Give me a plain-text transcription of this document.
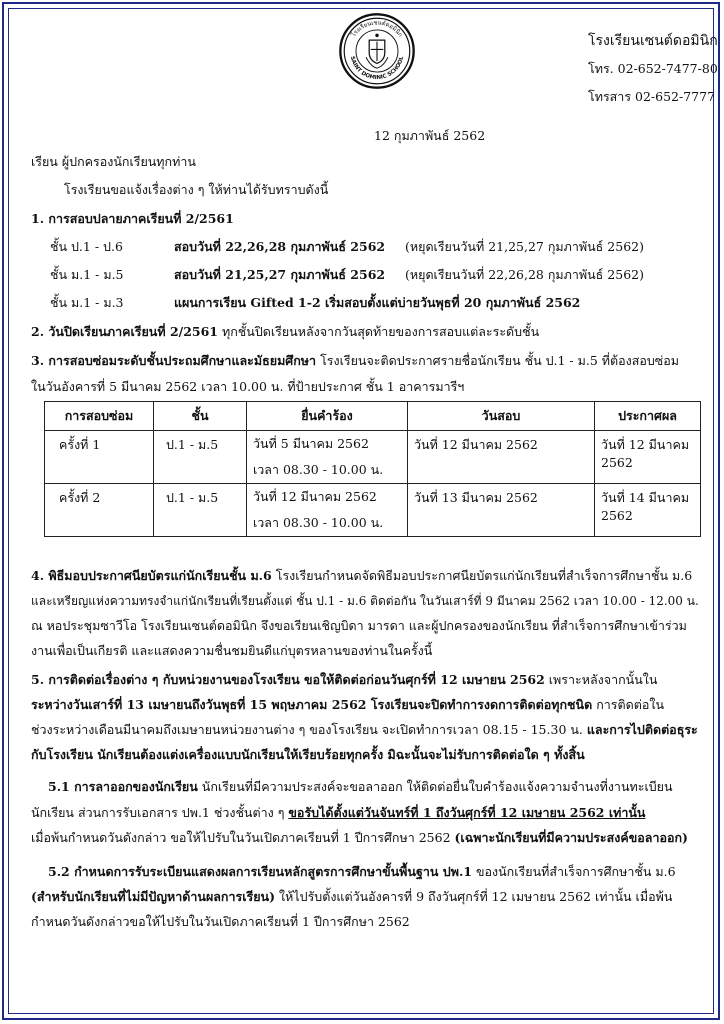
โรงเรียนเซนต์ดอมินิก
SAINT DOMINIC SCHOOL
โรงเรียนเซนต์ดอมินิก
โทร. 02-652-7477-80
โทรสาร 02-652-7777
12 กุมภาพันธ์ 2562
เรียน ผู้ปกครองนักเรียนทุกท่าน
โรงเรียนขอแจ้งเรื่องต่าง ๆ ให้ท่านได้รับทราบดังนี้
1. การสอบปลายภาคเรียนที่ 2/2561
ชั้น ป.1 - ป.6	สอบวันที่ 22,26,28 กุมภาพันธ์ 2562 (หยุดเรียนวันที่ 21,25,27 กุมภาพันธ์ 2562)
ชั้น ม.1 - ม.5	สอบวันที่ 21,25,27 กุมภาพันธ์ 2562 (หยุดเรียนวันที่ 22,26,28 กุมภาพันธ์ 2562)
ชั้น ม.1 - ม.3	แผนการเรียน Gifted 1-2 เริ่มสอบตั้งแต่บ่ายวันพุธที่ 20 กุมภาพันธ์ 2562
2. วันปิดเรียนภาคเรียนที่ 2/2561 ทุกชั้นปิดเรียนหลังจากวันสุดท้ายของการสอบแต่ละระดับชั้น
3. การสอบซ่อมระดับชั้นประถมศึกษาและมัธยมศึกษา โรงเรียนจะติดประกาศรายชื่อนักเรียน ชั้น ป.1 - ม.5 ที่ต้องสอบซ่อม
ในวันอังคารที่ 5 มีนาคม 2562 เวลา 10.00 น. ที่ป้ายประกาศ ชั้น 1 อาคารมารีฯ
การสอบซ่อม	ชั้น	ยื่นคำร้อง	วันสอบ	ประกาศผล
ครั้งที่ 1	ป.1 - ม.5	วันที่ 5 มีนาคม 2562	วันที่ 12 มีนาคม 2562	วันที่ 12 มีนาคม 2562
		เวลา 08.30 - 10.00 น.		
ครั้งที่ 2	ป.1 - ม.5	วันที่ 12 มีนาคม 2562	วันที่ 13 มีนาคม 2562	วันที่ 14 มีนาคม 2562
		เวลา 08.30 - 10.00 น.		
4. พิธีมอบประกาศนียบัตรแก่นักเรียนชั้น ม.6 โรงเรียนกำหนดจัดพิธีมอบประกาศนียบัตรแก่นักเรียนที่สำเร็จการศึกษาชั้น ม.6
และเหรียญแห่งความทรงจำแก่นักเรียนที่เรียนตั้งแต่ ชั้น ป.1 - ม.6 ติดต่อกัน ในวันเสาร์ที่ 9 มีนาคม 2562 เวลา 10.00 - 12.00 น.
ณ หอประชุมซาวีโอ โรงเรียนเซนต์ดอมินิก จึงขอเรียนเชิญบิดา มารดา และผู้ปกครองของนักเรียน ที่สำเร็จการศึกษาเข้าร่วม
งานเพื่อเป็นเกียรติ และแสดงความชื่นชมยินดีแก่บุตรหลานของท่านในครั้งนี้
5. การติดต่อเรื่องต่าง ๆ กับหน่วยงานของโรงเรียน ขอให้ติดต่อก่อนวันศุกร์ที่ 12 เมษายน 2562 เพราะหลังจากนั้นใน
ระหว่างวันเสาร์ที่ 13 เมษายนถึงวันพุธที่ 15 พฤษภาคม 2562 โรงเรียนจะปิดทำการงดการติดต่อทุกชนิด การติดต่อใน
ช่วงระหว่างเดือนมีนาคมถึงเมษายนหน่วยงานต่าง ๆ ของโรงเรียน จะเปิดทำการเวลา 08.15 - 15.30 น. และการไปติดต่อธุระ
กับโรงเรียน นักเรียนต้องแต่งเครื่องแบบนักเรียนให้เรียบร้อยทุกครั้ง มิฉะนั้นจะไม่รับการติดต่อใด ๆ ทั้งสิ้น
5.1 การลาออกของนักเรียน นักเรียนที่มีความประสงค์จะขอลาออก ให้ติดต่อยื่นใบคำร้องแจ้งความจำนงที่งานทะเบียน
นักเรียน ส่วนการรับเอกสาร ปพ.1 ช่วงชั้นต่าง ๆ ขอรับได้ตั้งแต่วันจันทร์ที่ 1 ถึงวันศุกร์ที่ 12 เมษายน 2562 เท่านั้น
เมื่อพ้นกำหนดวันดังกล่าว ขอให้ไปรับในวันเปิดภาคเรียนที่ 1 ปีการศึกษา 2562 (เฉพาะนักเรียนที่มีความประสงค์ขอลาออก)
5.2 กำหนดการรับระเบียนแสดงผลการเรียนหลักสูตรการศึกษาขั้นพื้นฐาน ปพ.1 ของนักเรียนที่สำเร็จการศึกษาชั้น ม.6
(สำหรับนักเรียนที่ไม่มีปัญหาด้านผลการเรียน) ให้ไปรับตั้งแต่วันอังคารที่ 9 ถึงวันศุกร์ที่ 12 เมษายน 2562 เท่านั้น เมื่อพ้น
กำหนดวันดังกล่าวขอให้ไปรับในวันเปิดภาคเรียนที่ 1 ปีการศึกษา 2562
